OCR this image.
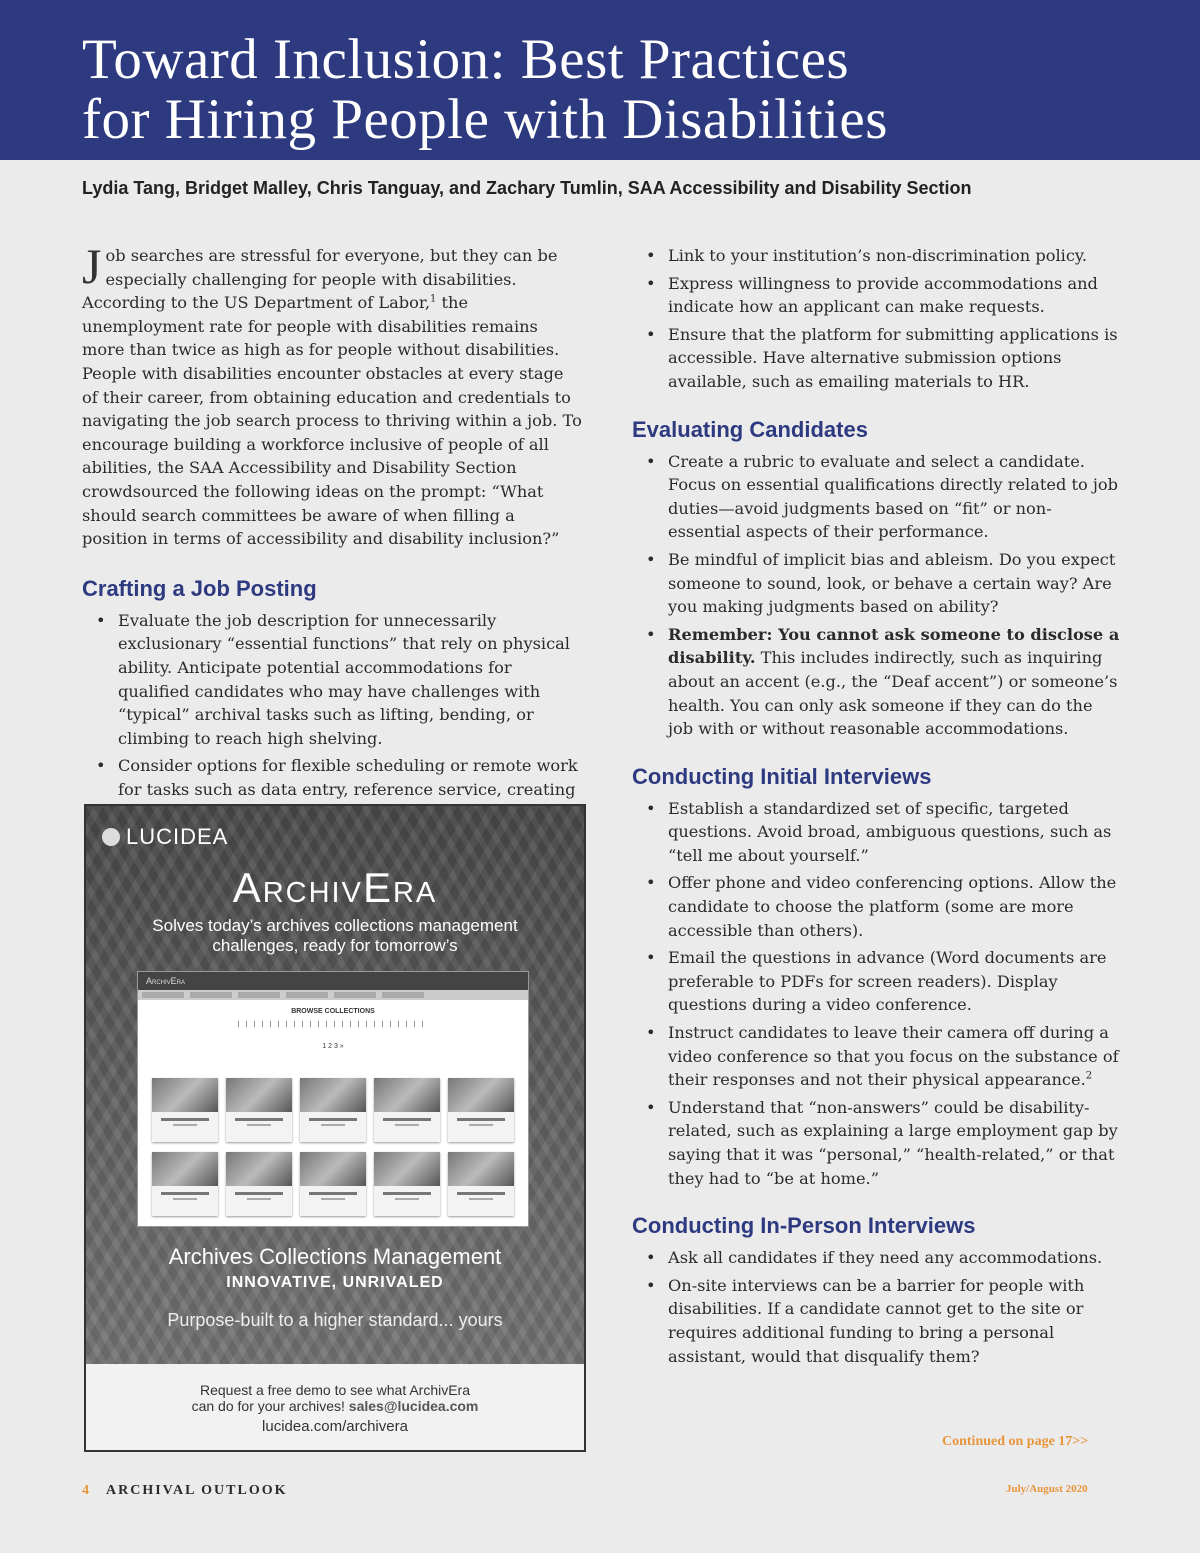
Toward Inclusion: Best Practices
for Hiring People with Disabilities
Lydia Tang, Bridget Malley, Chris Tanguay, and Zachary Tumlin, SAA Accessibility and Disability Section

Job searches are stressful for everyone, but they can be especially challenging for people with disabilities. According to the US Department of Labor,$^1$ the unemployment rate for people with disabilities remains more than twice as high as for people without disabilities. People with disabilities encounter obstacles at every stage of their career, from obtaining education and credentials to navigating the job search process to thriving within a job. To encourage building a workforce inclusive of people of all abilities, the SAA Accessibility and Disability Section crowdsourced the following ideas on the prompt: “What should search committees be aware of when filling a position in terms of accessibility and disability inclusion?”

Crafting a Job Posting
• Evaluate the job description for unnecessarily exclusionary “essential functions” that rely on physical ability. Anticipate potential accommodations for qualified candidates who may have challenges with “typical” archival tasks such as lifting, bending, or climbing to reach high shelving.
• Consider options for flexible scheduling or remote work for tasks such as data entry, reference service, creating
LUCIDEA
ArchivEra
Solves today’s archives collections management
challenges, ready for tomorrow’s
ArchivEra
BROWSE COLLECTIONS
1 2 3 »
Archives Collections Management
INNOVATIVE, UNRIVALED
Purpose-built to a higher standard... yours
Request a free demo to see what ArchivEra
can do for your archives! sales@lucidea.com
lucidea.com/archivera
• Link to your institution’s non-discrimination policy.
• Express willingness to provide accommodations and indicate how an applicant can make requests.
• Ensure that the platform for submitting applications is accessible. Have alternative submission options available, such as emailing materials to HR.
Evaluating Candidates
• Create a rubric to evaluate and select a candidate. Focus on essential qualifications directly related to job duties—avoid judgments based on “fit” or non-essential aspects of their performance.
• Be mindful of implicit bias and ableism. Do you expect someone to sound, look, or behave a certain way? Are you making judgments based on ability?
• Remember: You cannot ask someone to disclose a disability. This includes indirectly, such as inquiring about an accent (e.g., the “Deaf accent”) or someone’s health. You can only ask someone if they can do the job with or without reasonable accommodations.
Conducting Initial Interviews
• Establish a standardized set of specific, targeted questions. Avoid broad, ambiguous questions, such as “tell me about yourself.”
• Offer phone and video conferencing options. Allow the candidate to choose the platform (some are more accessible than others).
• Email the questions in advance (Word documents are preferable to PDFs for screen readers). Display questions during a video conference.
• Instruct candidates to leave their camera off during a video conference so that you focus on the substance of their responses and not their physical appearance.$^2$
• Understand that “non-answers” could be disability-related, such as explaining a large employment gap by saying that it was “personal,” “health-related,” or that they had to “be at home.”
Conducting In-Person Interviews
• Ask all candidates if they need any accommodations.
• On-site interviews can be a barrier for people with disabilities. If a candidate cannot get to the site or requires additional funding to bring a personal assistant, would that disqualify them?
Continued on page 17>>
4 ARCHIVAL OUTLOOK	July/August 2020
